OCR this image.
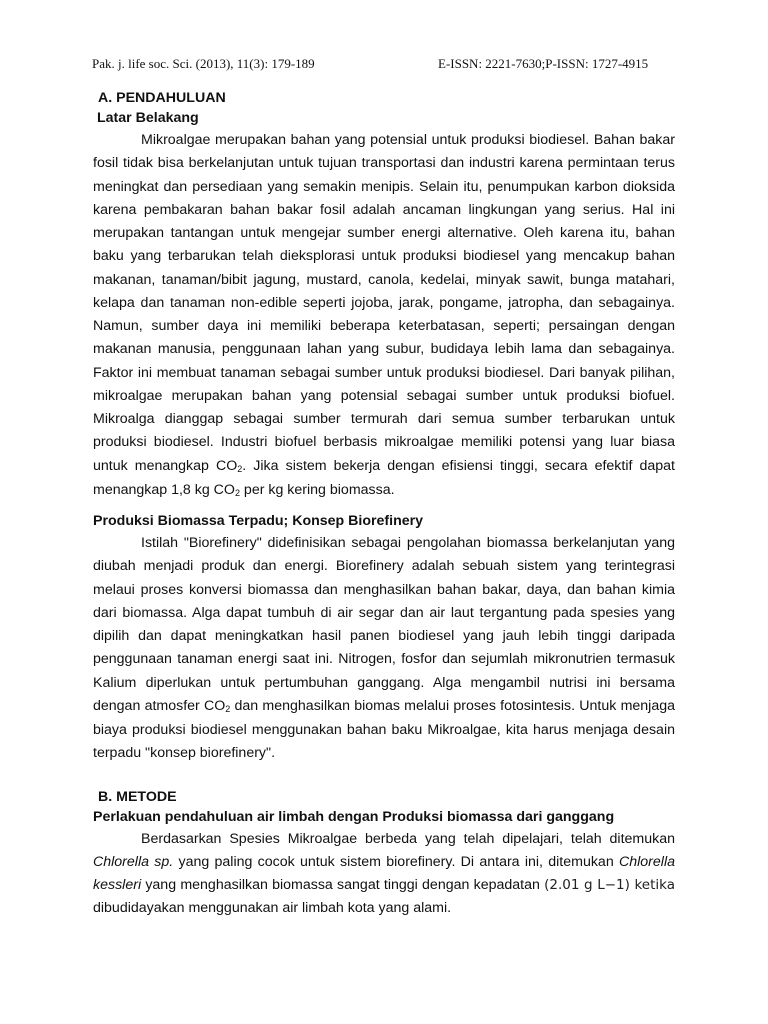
Pak. j. life soc. Sci. (2013), 11(3): 179-189	E-ISSN: 2221-7630;P-ISSN: 1727-4915
A. PENDAHULUAN
Latar Belakang

Mikroalgae merupakan bahan yang potensial untuk produksi biodiesel. Bahan bakar fosil tidak bisa berkelanjutan untuk tujuan transportasi dan industri karena permintaan terus meningkat dan persediaan yang semakin menipis. Selain itu, penumpukan karbon dioksida karena pembakaran bahan bakar fosil adalah ancaman lingkungan yang serius. Hal ini merupakan tantangan untuk mengejar sumber energi alternative. Oleh karena itu, bahan baku yang terbarukan telah dieksplorasi untuk produksi biodiesel yang mencakup bahan makanan, tanaman/bibit jagung, mustard, canola, kedelai, minyak sawit, bunga matahari, kelapa dan tanaman non-edible seperti jojoba, jarak, pongame, jatropha, dan sebagainya. Namun, sumber daya ini memiliki beberapa keterbatasan, seperti; persaingan dengan makanan manusia, penggunaan lahan yang subur, budidaya lebih lama dan sebagainya. Faktor ini membuat tanaman sebagai sumber untuk produksi biodiesel. Dari banyak pilihan, mikroalgae merupakan bahan yang potensial sebagai sumber untuk produksi biofuel. Mikroalga dianggap sebagai sumber termurah dari semua sumber terbarukan untuk produksi biodiesel. Industri biofuel berbasis mikroalgae memiliki potensi yang luar biasa untuk menangkap $CO_2$. Jika sistem bekerja dengan efisiensi tinggi, secara efektif dapat menangkap 1,8 kg $CO_2$ per kg kering biomassa.

Produksi Biomassa Terpadu; Konsep Biorefinery

Istilah "Biorefinery" didefinisikan sebagai pengolahan biomassa berkelanjutan yang diubah menjadi produk dan energi. Biorefinery adalah sebuah sistem yang terintegrasi melaui proses konversi biomassa dan menghasilkan bahan bakar, daya, dan bahan kimia dari biomassa. Alga dapat tumbuh di air segar dan air laut tergantung pada spesies yang dipilih dan dapat meningkatkan hasil panen biodiesel yang jauh lebih tinggi daripada penggunaan tanaman energi saat ini. Nitrogen, fosfor dan sejumlah mikronutrien termasuk Kalium diperlukan untuk pertumbuhan ganggang. Alga mengambil nutrisi ini bersama dengan atmosfer $CO_2$ dan menghasilkan biomas melalui proses fotosintesis. Untuk menjaga biaya produksi biodiesel menggunakan bahan baku Mikroalgae, kita harus menjaga desain terpadu "konsep biorefinery".

B. METODE
Perlakuan pendahuluan air limbah dengan Produksi biomassa dari ganggang

Berdasarkan Spesies Mikroalgae berbeda yang telah dipelajari, telah ditemukan Chlorella sp. yang paling cocok untuk sistem biorefinery. Di antara ini, ditemukan Chlorella kessleri yang menghasilkan biomassa sangat tinggi dengan kepadatan (2.01 g L−1) ketika dibudidayakan menggunakan air limbah kota yang alami.
